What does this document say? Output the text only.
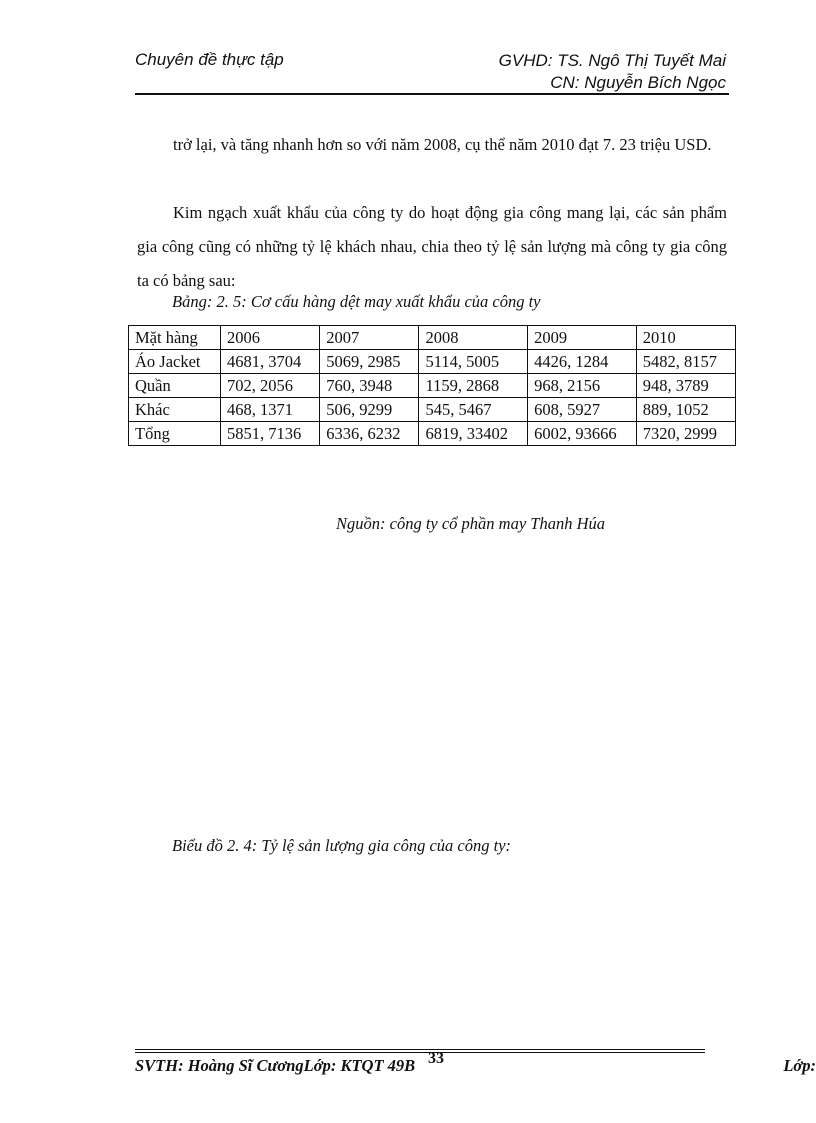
Chuyên đề thực tập	GVHD: TS. Ngô Thị Tuyết Mai
CN: Nguyễn Bích Ngọc
trở lại, và tăng nhanh hơn so với năm 2008, cụ thể năm 2010 đạt 7. 23 triệu USD.
Kim ngạch xuất khẩu của công ty do hoạt động gia công mang lại, các sản phẩm gia công cũng có những tỷ lệ khách nhau, chia theo tỷ lệ sản lượng mà công ty gia công ta có bảng sau:
Bảng: 2. 5: Cơ cấu hàng dệt may xuất khẩu của công ty
Mặt hàng	2006	2007	2008	2009	2010
Áo Jacket	4681, 3704	5069, 2985	5114, 5005	4426, 1284	5482, 8157
Quần	702, 2056	760, 3948	1159, 2868	968, 2156	948, 3789
Khác	468, 1371	506, 9299	545, 5467	608, 5927	889, 1052
Tổng	5851, 7136	6336, 6232	6819, 33402	6002, 93666	7320, 2999
Nguồn: công ty cổ phần may Thanh Húa
Biểu đồ 2. 4: Tỷ lệ sản lượng gia công của công ty:
SVTH: Hoàng Sĩ CươngLớp: KTQT 49B 33	Lớp:
